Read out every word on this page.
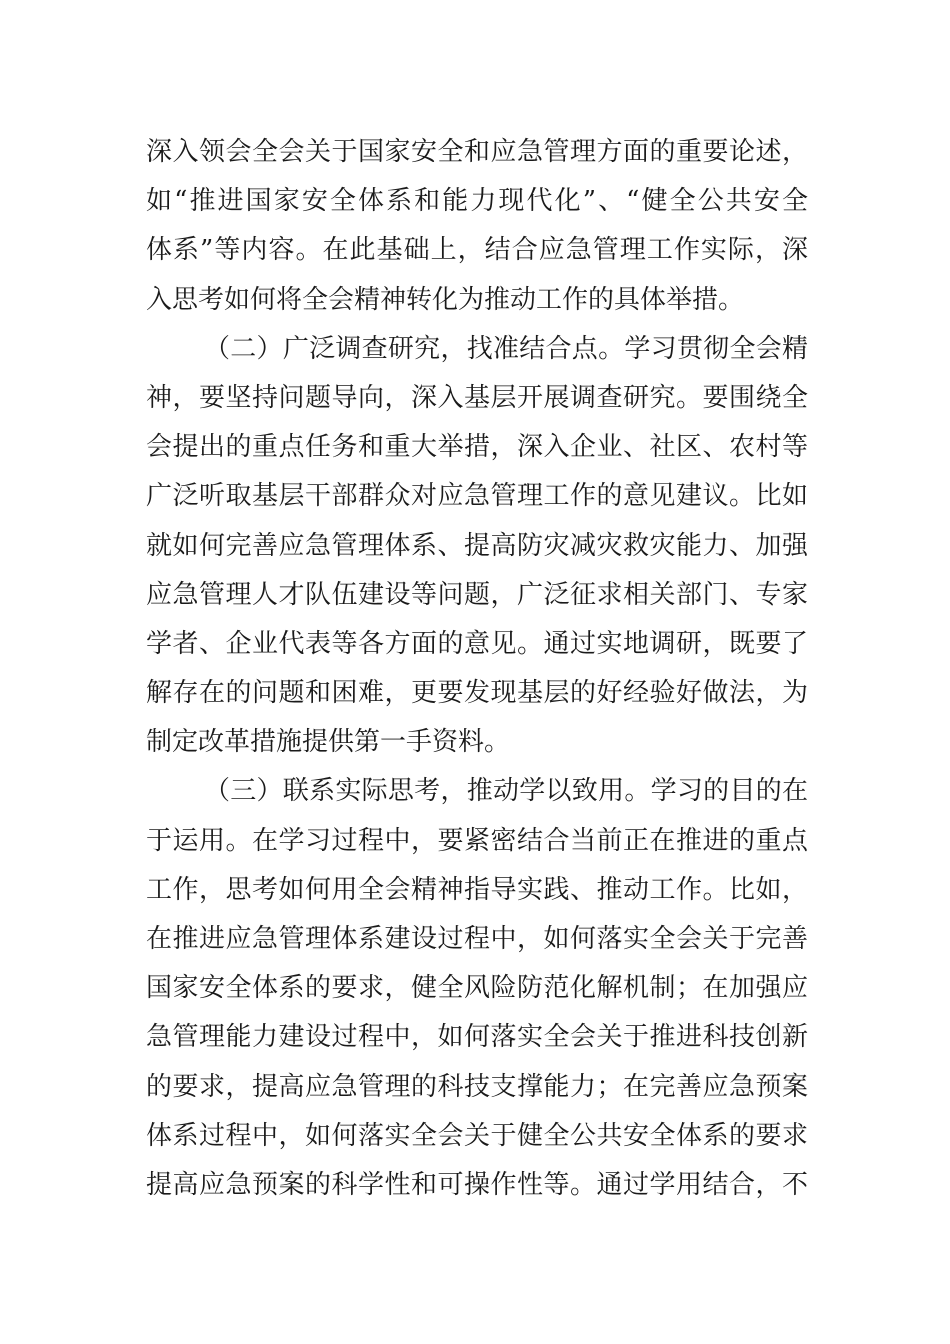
深入领会全会关于国家安全和应急管理方面的重要论述，
如“推进国家安全体系和能力现代化”、“健全公共安全
体系”等内容。在此基础上，结合应急管理工作实际，深
入思考如何将全会精神转化为推动工作的具体举措。
（二）广泛调查研究，找准结合点。学习贯彻全会精
神，要坚持问题导向，深入基层开展调查研究。要围绕全
会提出的重点任务和重大举措，深入企业、社区、农村等
广泛听取基层干部群众对应急管理工作的意见建议。比如
就如何完善应急管理体系、提高防灾减灾救灾能力、加强
应急管理人才队伍建设等问题，广泛征求相关部门、专家
学者、企业代表等各方面的意见。通过实地调研，既要了
解存在的问题和困难，更要发现基层的好经验好做法，为
制定改革措施提供第一手资料。
（三）联系实际思考，推动学以致用。学习的目的在
于运用。在学习过程中，要紧密结合当前正在推进的重点
工作，思考如何用全会精神指导实践、推动工作。比如，
在推进应急管理体系建设过程中，如何落实全会关于完善
国家安全体系的要求，健全风险防范化解机制；在加强应
急管理能力建设过程中，如何落实全会关于推进科技创新
的要求，提高应急管理的科技支撑能力；在完善应急预案
体系过程中，如何落实全会关于健全公共安全体系的要求
提高应急预案的科学性和可操作性等。通过学用结合，不
